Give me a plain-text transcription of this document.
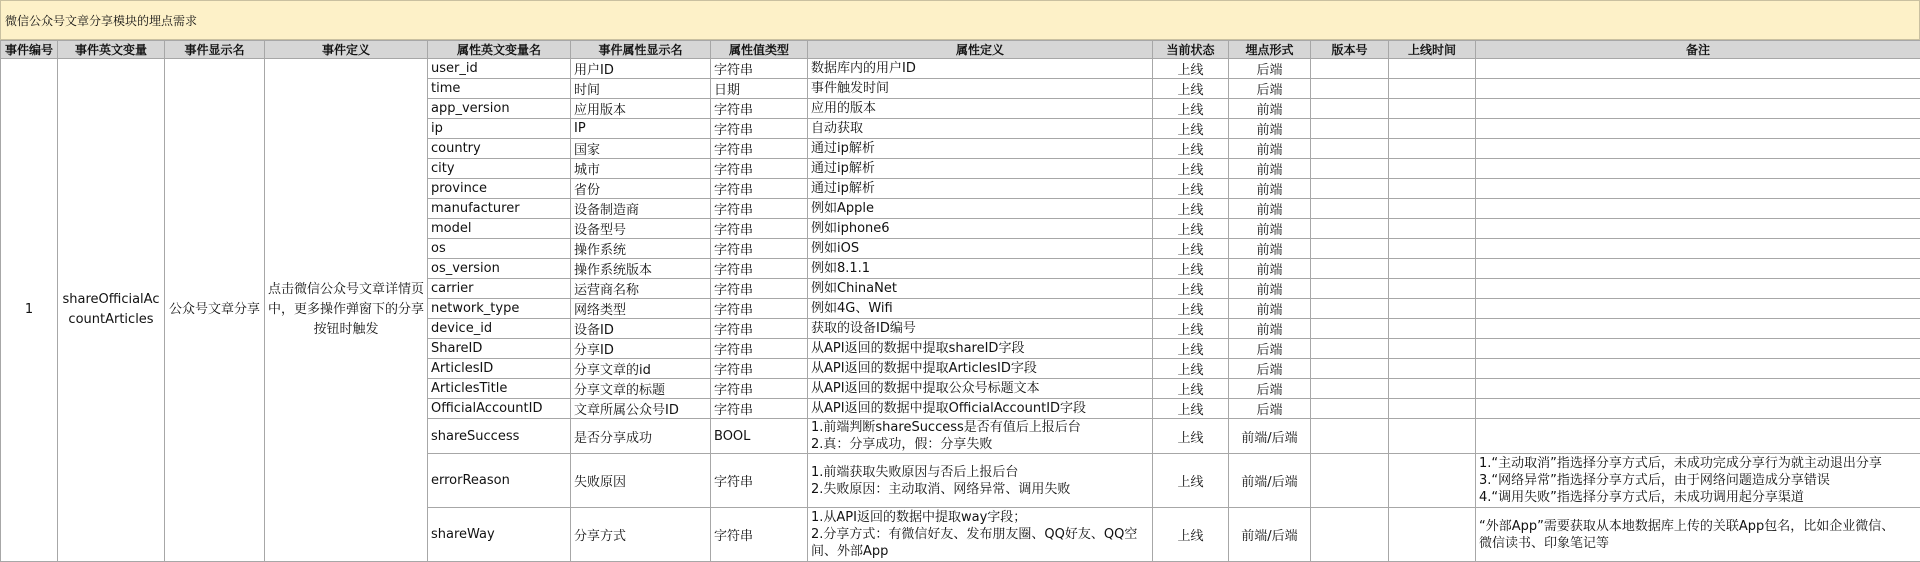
微信公众号文章分享模块的埋点需求
事件编号	事件英文变量	事件显示名	事件定义	属性英文变量名	事件属性显示名	属性值类型	属性定义	当前状态	埋点形式	版本号	上线时间	备注
1	shareOfficialAccountArticles	公众号文章分享	点击微信公众号文章详情页中，更多操作弹窗下的分享按钮时触发	user_id	用户ID	字符串	数据库内的用户ID	上线	后端			
				time	时间	日期	事件触发时间	上线	后端			
				app_version	应用版本	字符串	应用的版本	上线	前端			
				ip	IP	字符串	自动获取	上线	前端			
				country	国家	字符串	通过ip解析	上线	前端			
				city	城市	字符串	通过ip解析	上线	前端			
				province	省份	字符串	通过ip解析	上线	前端			
				manufacturer	设备制造商	字符串	例如Apple	上线	前端			
				model	设备型号	字符串	例如iphone6	上线	前端			
				os	操作系统	字符串	例如iOS	上线	前端			
				os_version	操作系统版本	字符串	例如8.1.1	上线	前端			
				carrier	运营商名称	字符串	例如ChinaNet	上线	前端			
				network_type	网络类型	字符串	例如4G、Wifi	上线	前端			
				device_id	设备ID	字符串	获取的设备ID编号	上线	前端			
				ShareID	分享ID	字符串	从API返回的数据中提取shareID字段	上线	后端			
				ArticlesID	分享文章的id	字符串	从API返回的数据中提取ArticlesID字段	上线	后端			
				ArticlesTitle	分享文章的标题	字符串	从API返回的数据中提取公众号标题文本	上线	后端			
				OfficialAccountID	文章所属公众号ID	字符串	从API返回的数据中提取OfficialAccountID字段	上线	后端			
				shareSuccess	是否分享成功	BOOL	1.前端判断shareSuccess是否有值后上报后台
2.真：分享成功，假：分享失败	上线	前端/后端			
				errorReason	失败原因	字符串	1.前端获取失败原因与否后上报后台
2.失败原因：主动取消、网络异常、调用失败	上线	前端/后端			1.“主动取消”指选择分享方式后，未成功完成分享行为就主动退出分享
3.“网络异常”指选择分享方式后，由于网络问题造成分享错误
4.“调用失败”指选择分享方式后，未成功调用起分享渠道

				shareWay	分享方式	字符串	1.从API返回的数据中提取way字段；
2.分享方式：有微信好友、发布朋友圈、QQ好友、QQ空
间、外部App	上线	前端/后端			“外部App”需要获取从本地数据库上传的关联App包名，比如企业微信、
微信读书、印象笔记等
